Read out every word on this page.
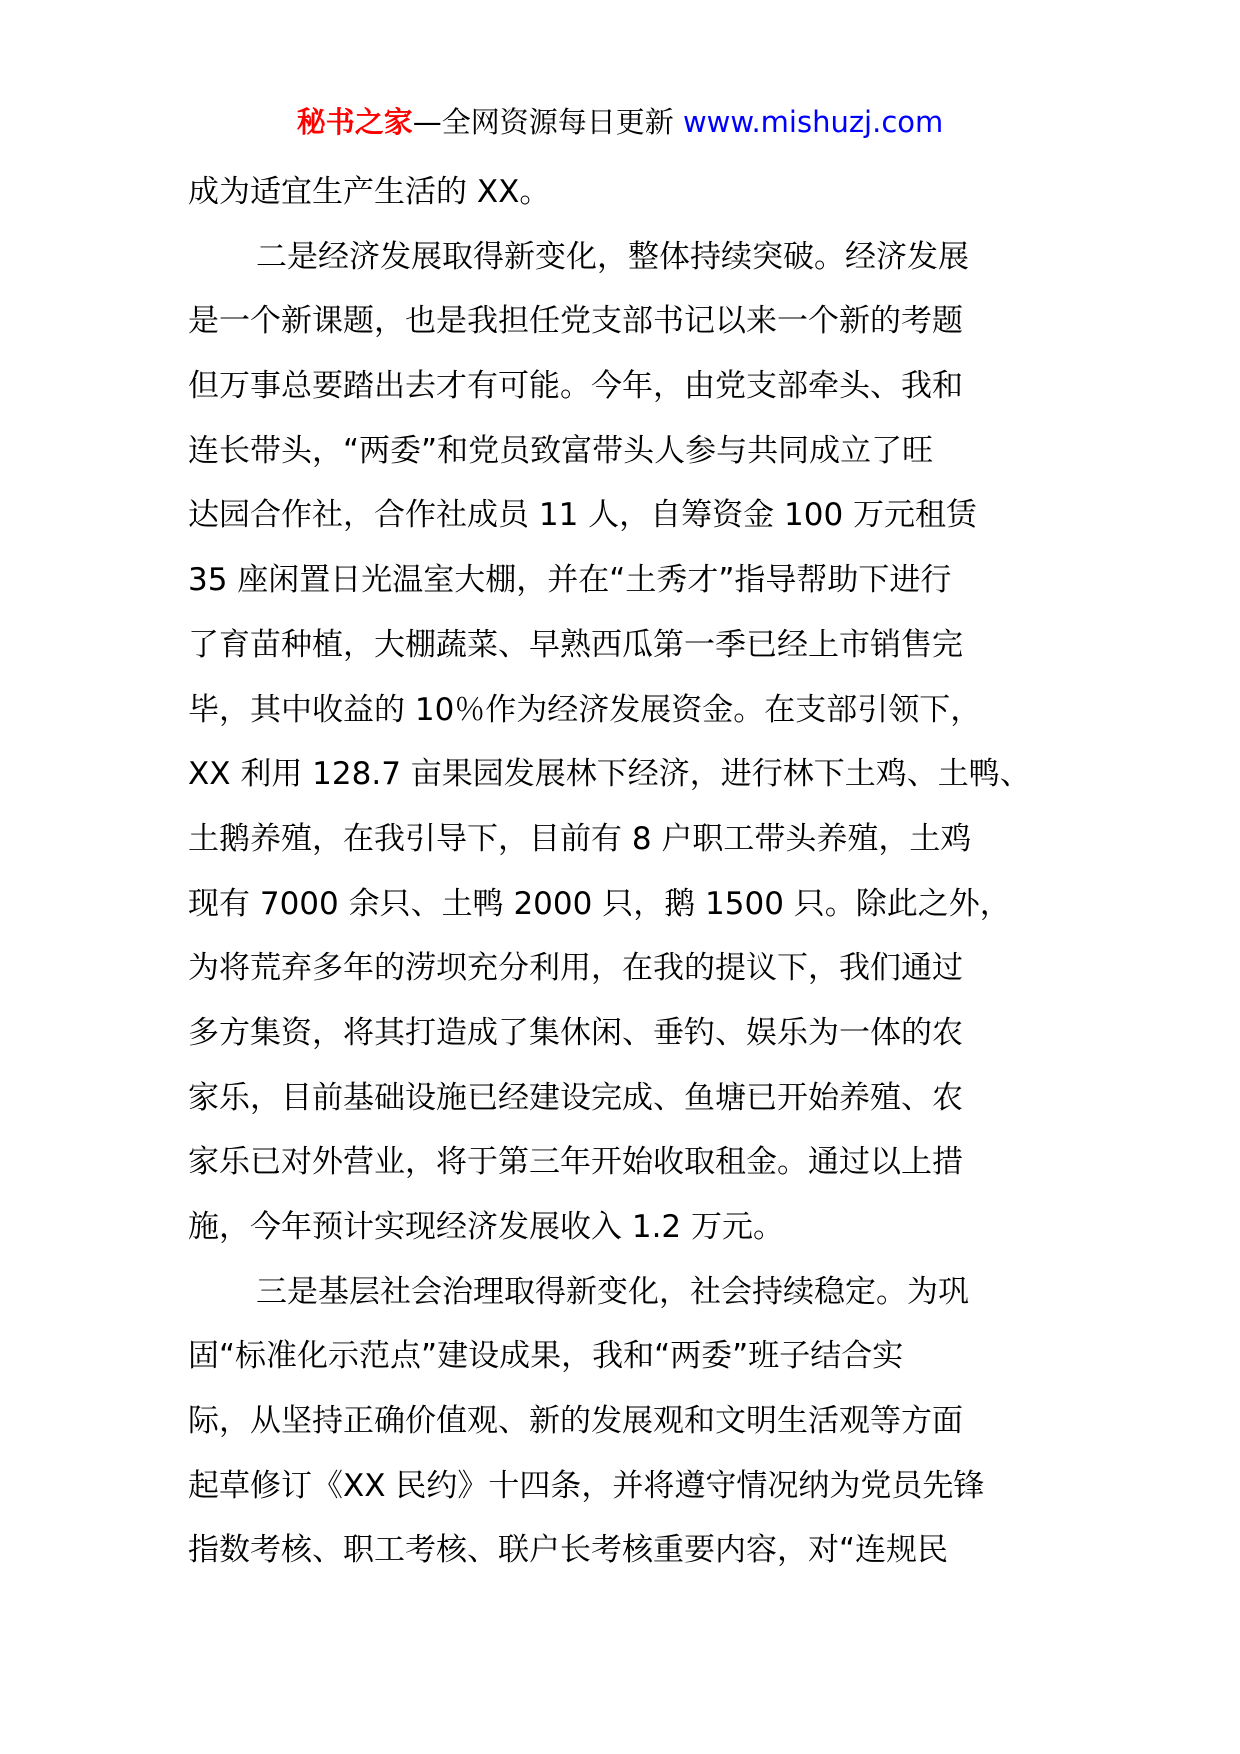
秘书之家—全网资源每日更新 www.mishuzj.com
成为适宜生产生活的 XX。
二是经济发展取得新变化，整体持续突破。经济发展
是一个新课题，也是我担任党支部书记以来一个新的考题
但万事总要踏出去才有可能。今年，由党支部牵头、我和
连长带头，“两委”和党员致富带头人参与共同成立了旺
达园合作社，合作社成员 11 人，自筹资金 100 万元租赁
35 座闲置日光温室大棚，并在“土秀才”指导帮助下进行
了育苗种植，大棚蔬菜、早熟西瓜第一季已经上市销售完
毕，其中收益的 10％作为经济发展资金。在支部引领下，
XX 利用 128.7 亩果园发展林下经济，进行林下土鸡、土鸭、
土鹅养殖，在我引导下，目前有 8 户职工带头养殖，土鸡
现有 7000 余只、土鸭 2000 只，鹅 1500 只。除此之外，
为将荒弃多年的涝坝充分利用，在我的提议下，我们通过
多方集资，将其打造成了集休闲、垂钓、娱乐为一体的农
家乐，目前基础设施已经建设完成、鱼塘已开始养殖、农
家乐已对外营业，将于第三年开始收取租金。通过以上措
施，今年预计实现经济发展收入 1.2 万元。
三是基层社会治理取得新变化，社会持续稳定。为巩
固“标准化示范点”建设成果，我和“两委”班子结合实
际，从坚持正确价值观、新的发展观和文明生活观等方面
起草修订《XX 民约》十四条，并将遵守情况纳为党员先锋
指数考核、职工考核、联户长考核重要内容，对“连规民
